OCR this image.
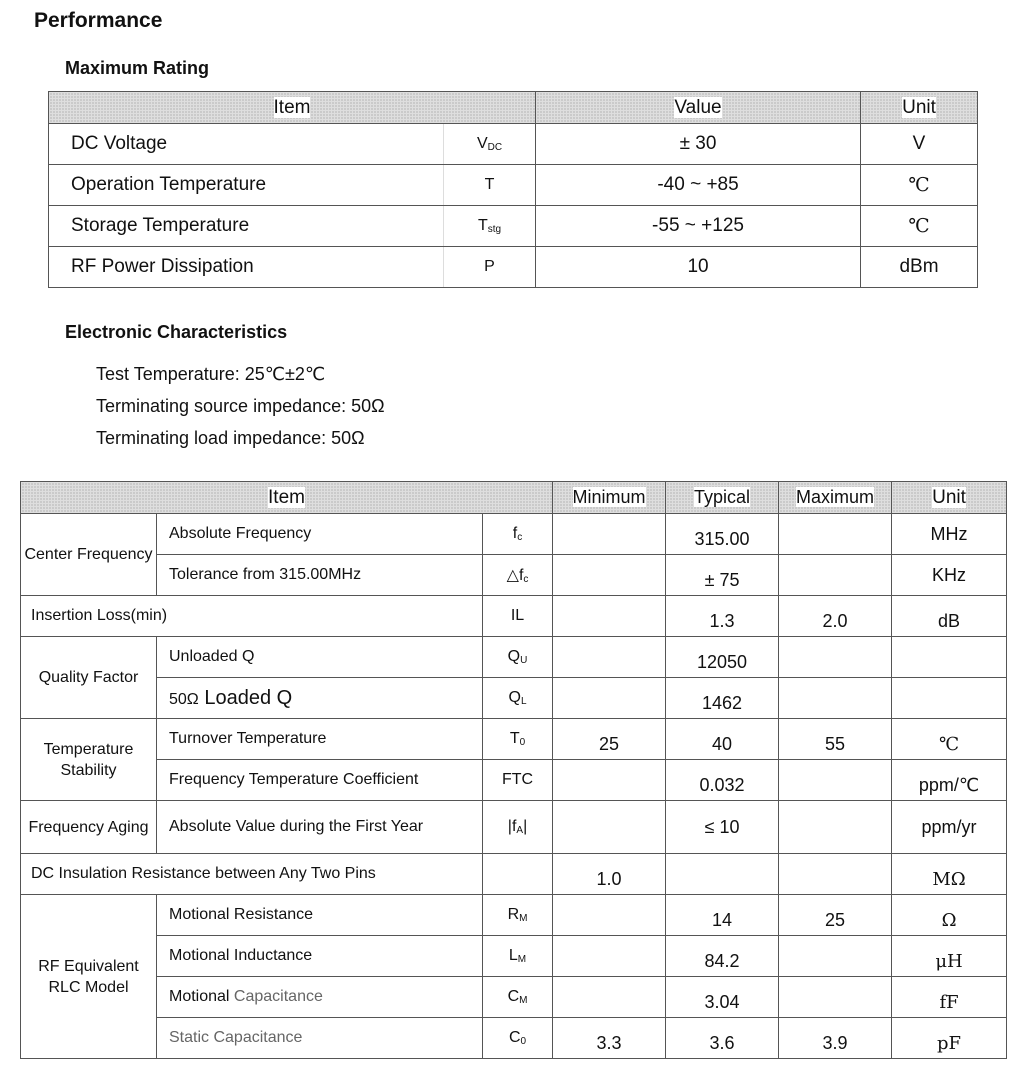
Performance
Maximum Rating
Item		Value	Unit
DC Voltage	$V_{DC}$	± 30	V
Operation Temperature	T	-40 ~ +85	℃
Storage Temperature	$T_{stg}$	-55 ~ +125	℃
RF Power Dissipation	P	10	dBm
Electronic Characteristics
Test Temperature: 25℃±2℃
Terminating source impedance: 50Ω
Terminating load impedance: 50Ω
Item			Minimum	Typical	Maximum	Unit
Center Frequency	Absolute Frequency	$f_c$		315.00		MHz
	Tolerance from 315.00MHz	$\triangle f_c$		± 75		KHz
Insertion Loss(min)		IL		1.3	2.0	dB
Quality Factor	Unloaded Q	$Q_U$		12050		
	50Ω Loaded Q	$Q_L$		1462		
Temperature Stability	Turnover Temperature	$T_0$	25	40	55	℃
	Frequency Temperature Coefficient	FTC		0.032		ppm/℃
Frequency Aging	Absolute Value during the First Year	$|f_A|$		≤ 10		ppm/yr
DC Insulation Resistance between Any Two Pins			1.0			MΩ
RF Equivalent RLC Model	Motional Resistance	$R_M$		14	25	Ω
	Motional Inductance	$L_M$		84.2		μH
	Motional Capacitance	$C_M$		3.04		fF
	Static Capacitance	$C_0$	3.3	3.6	3.9	pF
